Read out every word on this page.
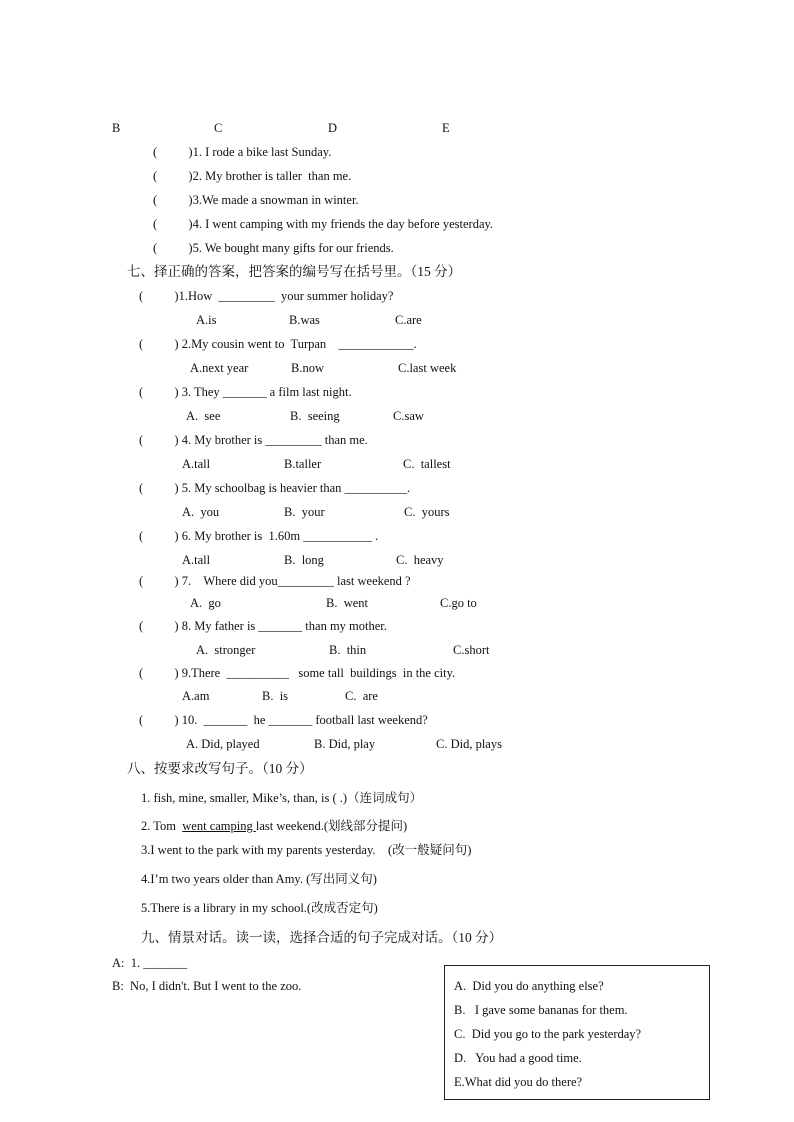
B	C	D	E
(          )1. I rode a bike last Sunday.
(          )2. My brother is taller  than me.
(          )3.We made a snowman in winter.
(          )4. I went camping with my friends the day before yesterday.
(          )5. We bought many gifts for our friends.
七、择正确的答案，把答案的编号写在括号里。（15 分）
(          )1.How  _________  your summer holiday?
A.is	B.was	C.are
(          ) 2.My cousin went to  Turpan    ____________.
A.next year	B.now	C.last week
(          ) 3. They _______ a film last night.
A.  see	B.  seeing	C.saw
(          ) 4. My brother is _________ than me.
A.tall	B.taller	C.  tallest
(          ) 5. My schoolbag is heavier than __________.
A.  you	B.  your	C.  yours
(          ) 6. My brother is  1.60m ___________ .
A.tall	B.  long	C.  heavy
(          ) 7.    Where did you_________ last weekend ?
A.  go	B.  went	C.go to
(          ) 8. My father is _______ than my mother.
A.  stronger	B.  thin	C.short
(          ) 9.There  __________   some tall  buildings  in the city.
A.am	B.  is	C.  are
(          ) 10.  _______  he _______ football last weekend?
A. Did, played	B. Did, play	C. Did, plays
八、按要求改写句子。（10 分）
1. fish, mine, smaller, Mike’s, than, is ( .)（连词成句）
2. Tom  went camping last weekend.(划线部分提问)
3.I went to the park with my parents yesterday.    (改一般疑问句)
4.I’m two years older than Amy. (写出同义句)
5.There is a library in my school.(改成否定句)
九、情景对话。读一读，选择合适的句子完成对话。（10 分）
A:  1. _______
B:  No, I didn't. But I went to the zoo.	A.  Did you do anything else?
B.   I gave some bananas for them.
C.  Did you go to the park yesterday?
D.   You had a good time.
E.What did you do there?
